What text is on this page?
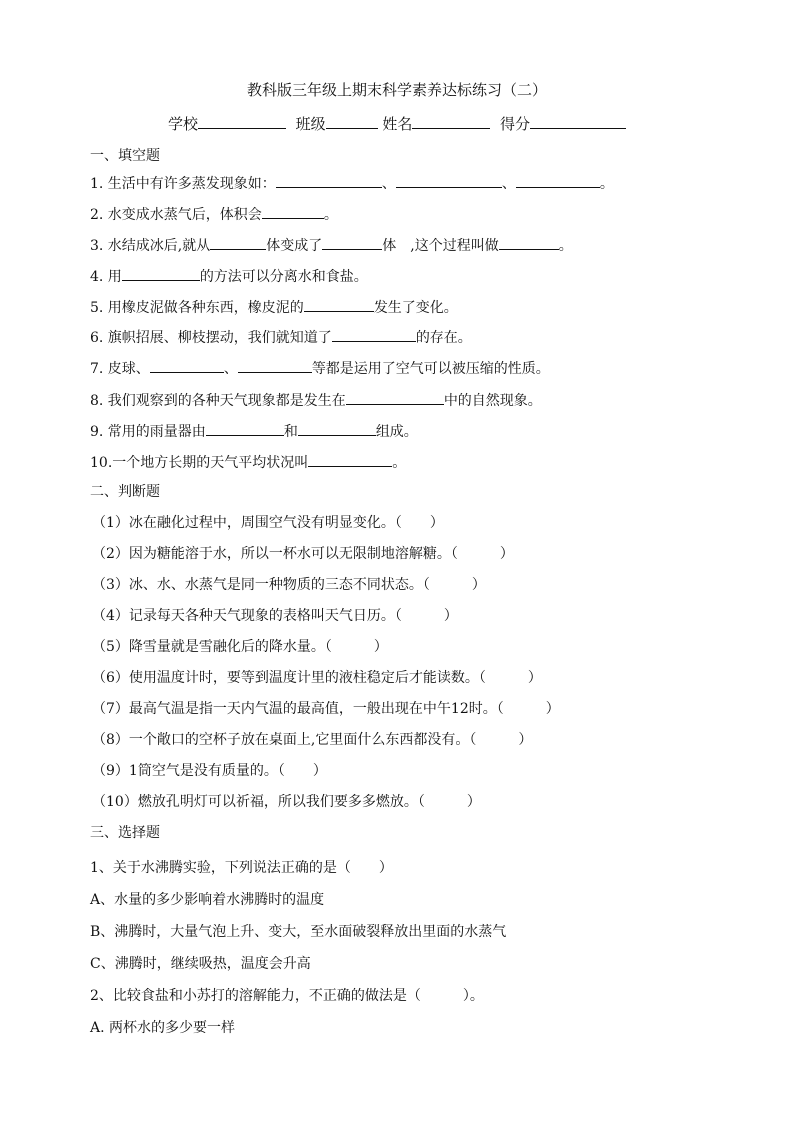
教科版三年级上期末科学素养达标练习（二）
学校	班级	姓名	得分
一、填空题
1. 生活中有许多蒸发现象如：	、	、	。
2. 水变成水蒸气后，体积会	。
3. 水结成冰后,就从	体变成了	体　,这个过程叫做	。
4. 用	的方法可以分离水和食盐。
5. 用橡皮泥做各种东西，橡皮泥的	发生了变化。
6. 旗帜招展、柳枝摆动，我们就知道了	的存在。
7. 皮球、	、	等都是运用了空气可以被压缩的性质。
8. 我们观察到的各种天气现象都是发生在	中的自然现象。
9. 常用的雨量器由	和	组成。
10.一个地方长期的天气平均状况叫	。
二、判断题
（1）冰在融化过程中，周围空气没有明显变化。（　　）
（2）因为糖能溶于水，所以一杯水可以无限制地溶解糖。（　　　）
（3）冰、水、水蒸气是同一种物质的三态不同状态。（　　　）
（4）记录每天各种天气现象的表格叫天气日历。（　　　）
（5）降雪量就是雪融化后的降水量。（　　　）
（6）使用温度计时，要等到温度计里的液柱稳定后才能读数。（　　　）
（7）最高气温是指一天内气温的最高值，一般出现在中午12时。（　　　）
（8）一个敞口的空杯子放在桌面上,它里面什么东西都没有。（　　　）
（9）1筒空气是没有质量的。（　　）
（10）燃放孔明灯可以祈福，所以我们要多多燃放。（　　　）
三、选择题
1、关于水沸腾实验，下列说法正确的是（　　）
A、水量的多少影响着水沸腾时的温度
B、沸腾时，大量气泡上升、变大，至水面破裂释放出里面的水蒸气
C、沸腾时，继续吸热，温度会升高
2、比较食盐和小苏打的溶解能力，不正确的做法是（　　　）。
A. 两杯水的多少要一样
